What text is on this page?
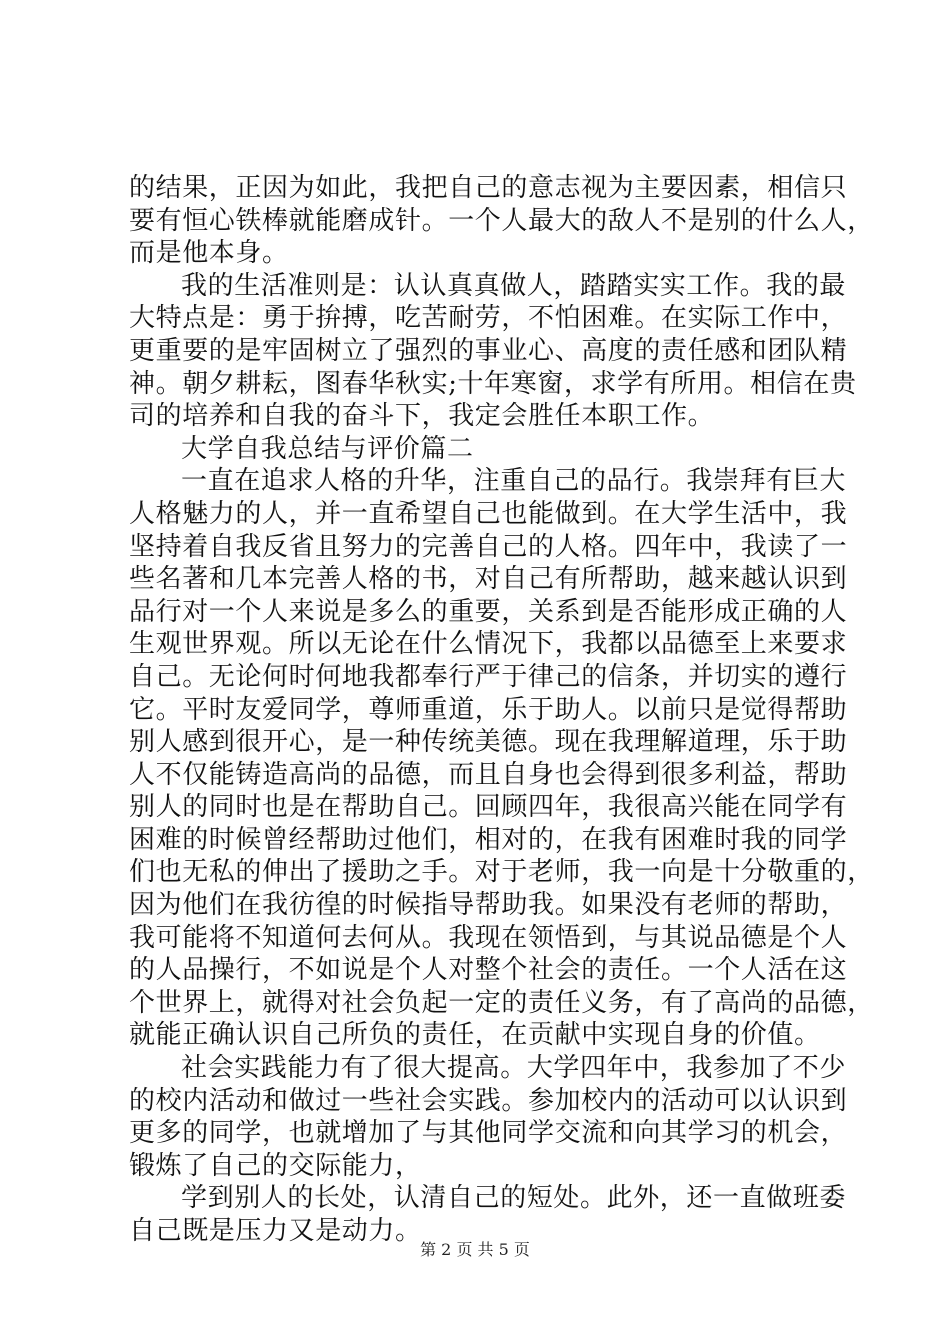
的结果，正因为如此，我把自己的意志视为主要因素，相信只
要有恒心铁棒就能磨成针。一个人最大的敌人不是别的什么人，
而是他本身。

我的生活准则是：认认真真做人，踏踏实实工作。我的最
大特点是：勇于拚搏，吃苦耐劳，不怕困难。在实际工作中，
更重要的是牢固树立了强烈的事业心、高度的责任感和团队精
神。朝夕耕耘，图春华秋实;十年寒窗，求学有所用。相信在贵
司的培养和自我的奋斗下，我定会胜任本职工作。

大学自我总结与评价篇二

一直在追求人格的升华，注重自己的品行。我崇拜有巨大
人格魅力的人，并一直希望自己也能做到。在大学生活中，我
坚持着自我反省且努力的完善自己的人格。四年中，我读了一
些名著和几本完善人格的书，对自己有所帮助，越来越认识到
品行对一个人来说是多么的重要，关系到是否能形成正确的人
生观世界观。所以无论在什么情况下，我都以品德至上来要求
自己。无论何时何地我都奉行严于律己的信条，并切实的遵行
它。平时友爱同学，尊师重道，乐于助人。以前只是觉得帮助
别人感到很开心，是一种传统美德。现在我理解道理，乐于助
人不仅能铸造高尚的品德，而且自身也会得到很多利益，帮助
别人的同时也是在帮助自己。回顾四年，我很高兴能在同学有
困难的时候曾经帮助过他们，相对的，在我有困难时我的同学
们也无私的伸出了援助之手。对于老师，我一向是十分敬重的，
因为他们在我彷徨的时候指导帮助我。如果没有老师的帮助，
我可能将不知道何去何从。我现在领悟到，与其说品德是个人
的人品操行，不如说是个人对整个社会的责任。一个人活在这
个世界上，就得对社会负起一定的责任义务，有了高尚的品德，
就能正确认识自己所负的责任，在贡献中实现自身的价值。

社会实践能力有了很大提高。大学四年中，我参加了不少
的校内活动和做过一些社会实践。参加校内的活动可以认识到
更多的同学，也就增加了与其他同学交流和向其学习的机会，
锻炼了自己的交际能力，

学到别人的长处，认清自己的短处。此外，还一直做班委
自己既是压力又是动力。

第 2 页 共 5 页
